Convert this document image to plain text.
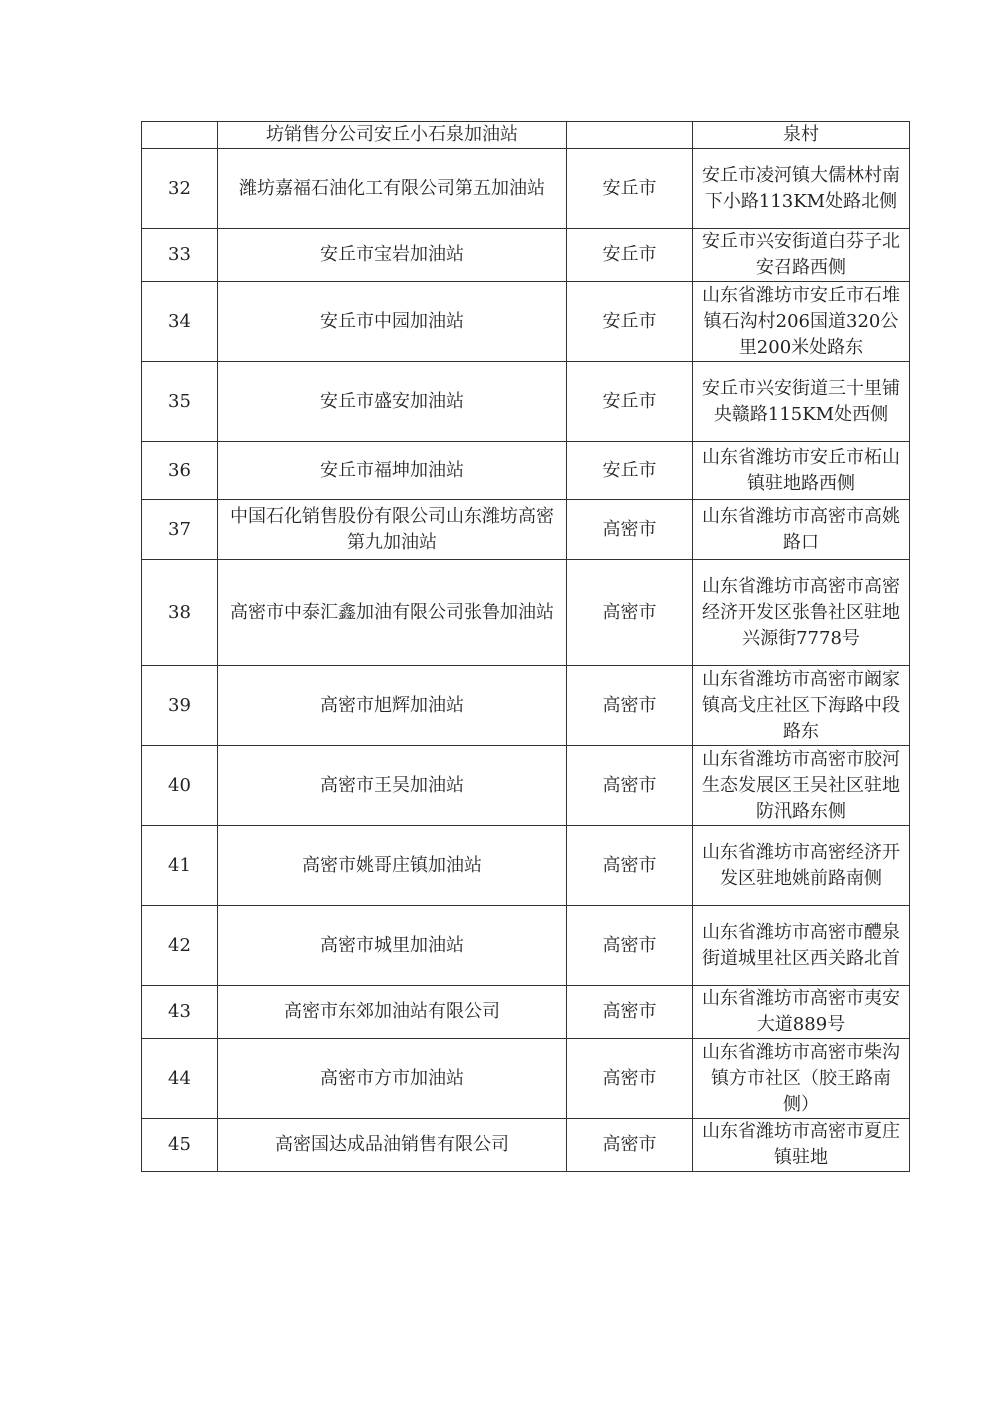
	坊销售分公司安丘小石泉加油站		泉村
32	潍坊嘉福石油化工有限公司第五加油站	安丘市	安丘市凌河镇大儒林村南下小路113KM处路北侧
33	安丘市宝岩加油站	安丘市	安丘市兴安街道白芬子北安召路西侧
34	安丘市中园加油站	安丘市	山东省潍坊市安丘市石堆镇石沟村206国道320公里200米处路东
35	安丘市盛安加油站	安丘市	安丘市兴安街道三十里铺央赣路115KM处西侧
36	安丘市福坤加油站	安丘市	山东省潍坊市安丘市柘山镇驻地路西侧
37	中国石化销售股份有限公司山东潍坊高密第九加油站	高密市	山东省潍坊市高密市高姚路口
38	高密市中泰汇鑫加油有限公司张鲁加油站	高密市	山东省潍坊市高密市高密经济开发区张鲁社区驻地兴源街7778号
39	高密市旭辉加油站	高密市	山东省潍坊市高密市阚家镇高戈庄社区下海路中段路东
40	高密市王吴加油站	高密市	山东省潍坊市高密市胶河生态发展区王吴社区驻地防汛路东侧
41	高密市姚哥庄镇加油站	高密市	山东省潍坊市高密经济开发区驻地姚前路南侧
42	高密市城里加油站	高密市	山东省潍坊市高密市醴泉街道城里社区西关路北首
43	高密市东郊加油站有限公司	高密市	山东省潍坊市高密市夷安大道889号
44	高密市方市加油站	高密市	山东省潍坊市高密市柴沟镇方市社区（胶王路南侧）
45	高密国达成品油销售有限公司	高密市	山东省潍坊市高密市夏庄镇驻地
